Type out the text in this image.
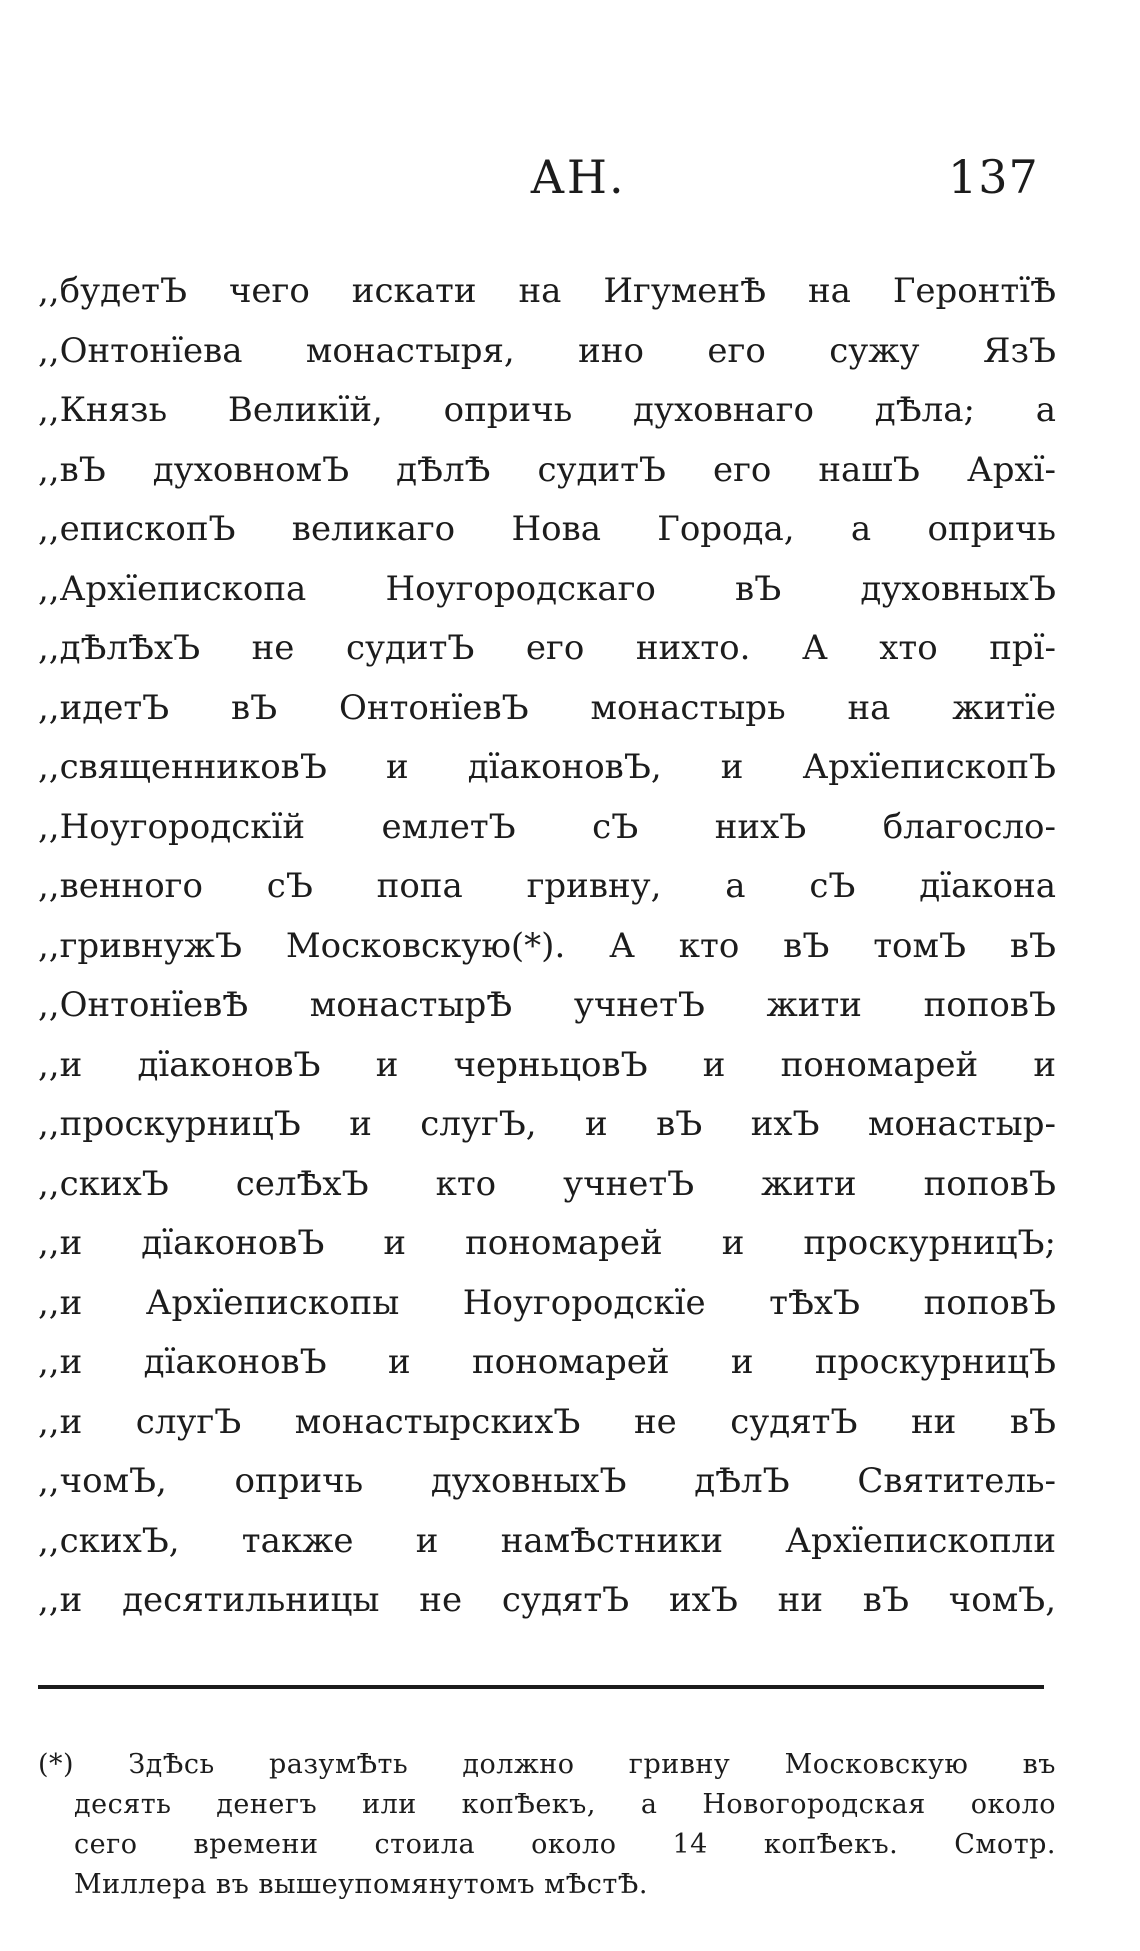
АН.	137
,,будетЪ чего искати на ИгуменѢ на ГеронтїѢ
,,Онтонїева монастыря, ино его сужу ЯзЪ
,,Князь Великїй, опричь духовнаго дѢла; а
,,вЪ духовномЪ дѢлѢ судитЪ его нашЪ Архї-
,,епископЪ великаго Нова Города, а опричь
,,Архїепископа Ноугородскаго вЪ духовныхЪ
,,дѢлѢхЪ не судитЪ его нихто. А хто прї-
,,идетЪ вЪ ОнтонїевЪ монастырь на житїе
,,священниковЪ и дїаконовЪ, и АрхїепископЪ
,,Ноугородскїй емлетЪ сЪ нихЪ благосло-
,,венного сЪ попа гривну, а сЪ дїакона
,,гривнужЪ Московскую(*). А кто вЪ томЪ вЪ
,,ОнтонїевѢ монастырѢ учнетЪ жити поповЪ
,,и дїаконовЪ и черньцовЪ и пономарей и
,,проскурницЪ и слугЪ, и вЪ ихЪ монастыр-
,,скихЪ селѢхЪ кто учнетЪ жити поповЪ
,,и дїаконовЪ и пономарей и проскурницЪ;
,,и Архїепископы Ноугородскїе тѢхЪ поповЪ
,,и дїаконовЪ и пономарей и проскурницЪ
,,и слугЪ монастырскихЪ не судятЪ ни вЪ
,,чомЪ, опричь духовныхЪ дѢлЪ Святитель-
,,скихЪ, также и намѢстники Архїепископли
,,и десятильницы не судятЪ ихЪ ни вЪ чомЪ,
(*) ЗдѢсь разумѢть должно гривну Московскую въ
десять денегъ или копѢекъ, а Новогородская около
сего времени стоила около 14 копѢекъ. Смотр.
Миллера въ вышеупомянутомъ мѢстѢ.
